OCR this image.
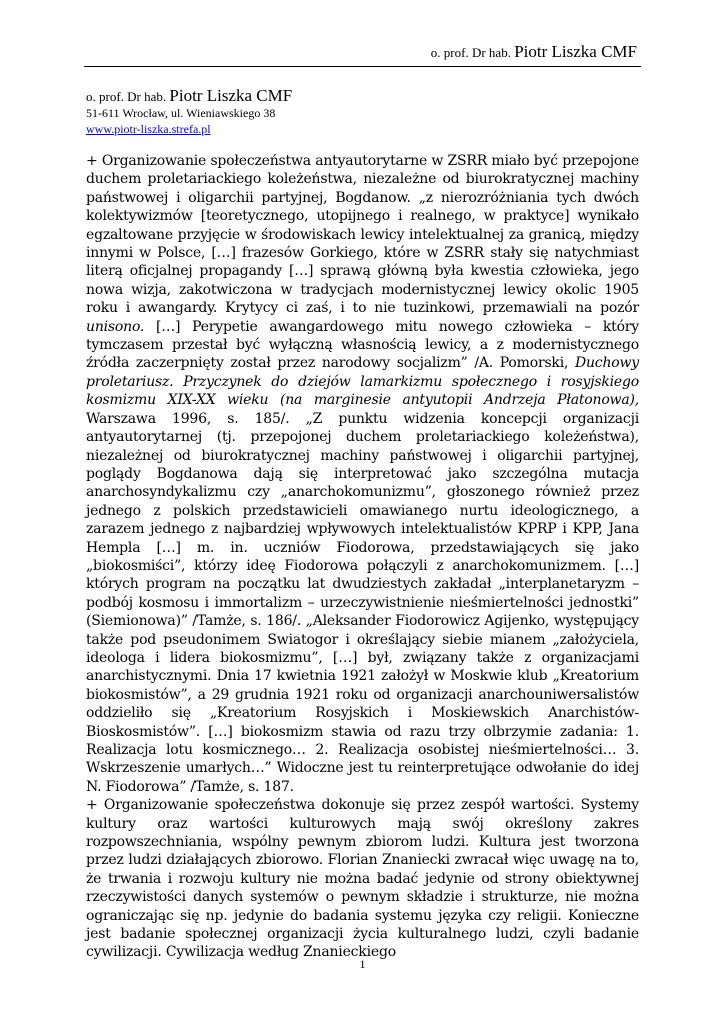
o. prof. Dr hab. Piotr Liszka CMF
o. prof. Dr hab. Piotr Liszka CMF
51-611 Wrocław, ul. Wieniawskiego 38
www.piotr-liszka.strefa.pl

+ Organizowanie społeczeństwa antyautorytarne w ZSRR miało być przepojone duchem proletariackiego koleżeństwa, niezależne od biurokratycznej machiny państwowej i oligarchii partyjnej, Bogdanow. „z nierozróżniania tych dwóch kolektywizmów [teoretycznego, utopijnego i realnego, w praktyce] wynikało egzaltowane przyjęcie w środowiskach lewicy intelektualnej za granicą, między innymi w Polsce, […] frazesów Gorkiego, które w ZSRR stały się natychmiast literą oficjalnej propagandy […] sprawą główną była kwestia człowieka, jego nowa wizja, zakotwiczona w tradycjach modernistycznej lewicy okolic 1905 roku i awangardy. Krytycy ci zaś, i to nie tuzinkowi, przemawiali na pozór unisono. […] Perypetie awangardowego mitu nowego człowieka – który tymczasem przestał być wyłączną własnością lewicy, a z modernistycznego źródła zaczerpnięty został przez narodowy socjalizm” /A. Pomorski, Duchowy proletariusz. Przyczynek do dziejów lamarkizmu społecznego i rosyjskiego kosmizmu XIX-XX wieku (na marginesie antyutopii Andrzeja Płatonowa), Warszawa 1996, s. 185/. „Z punktu widzenia koncepcji organizacji antyautorytarnej (tj. przepojonej duchem proletariackiego koleżeństwa), niezależnej od biurokratycznej machiny państwowej i oligarchii partyjnej, poglądy Bogdanowa dają się interpretować jako szczególna mutacja anarchosyndykalizmu czy „anarchokomunizmu”, głoszonego również przez jednego z polskich przedstawicieli omawianego nurtu ideologicznego, a zarazem jednego z najbardziej wpływowych intelektualistów KPRP i KPP, Jana Hempla […] m. in. uczniów Fiodorowa, przedstawiających się jako „biokosmiści”, którzy ideę Fiodorowa połączyli z anarchokomunizmem. […] których program na początku lat dwudziestych zakładał „interplanetaryzm – podbój kosmosu i immortalizm – urzeczywistnienie nieśmiertelności jednostki” (Siemionowa)” /Tamże, s. 186/. „Aleksander Fiodorowicz Agijenko, występujący także pod pseudonimem Swiatogor i określający siebie mianem „założyciela, ideologa i lidera biokosmizmu”, […] był, związany także z organizacjami anarchistycznymi. Dnia 17 kwietnia 1921 założył w Moskwie klub „Kreatorium biokosmistów”, a 29 grudnia 1921 roku od organizacji anarchouniwersalistów oddzieliło się „Kreatorium Rosyjskich i Moskiewskich Anarchistów-Bioskosmistów”. […] biokosmizm stawia od razu trzy olbrzymie zadania: 1. Realizacja lotu kosmicznego… 2. Realizacja osobistej nieśmiertelności… 3. Wskrzeszenie umarłych…” Widoczne jest tu reinterpretujące odwołanie do idej N. Fiodorowa” /Tamże, s. 187.

+ Organizowanie społeczeństwa dokonuje się przez zespół wartości. Systemy kultury oraz wartości kulturowych mają swój określony zakres rozpowszechniania, wspólny pewnym zbiorom ludzi. Kultura jest tworzona przez ludzi działających zbiorowo. Florian Znaniecki zwracał więc uwagę na to, że trwania i rozwoju kultury nie można badać jedynie od strony obiektywnej rzeczywistości danych systemów o pewnym składzie i strukturze, nie można ograniczając się np. jedynie do badania systemu języka czy religii. Konieczne jest badanie społecznej organizacji życia kulturalnego ludzi, czyli badanie cywilizacji. Cywilizacja według Znanieckiego

1
